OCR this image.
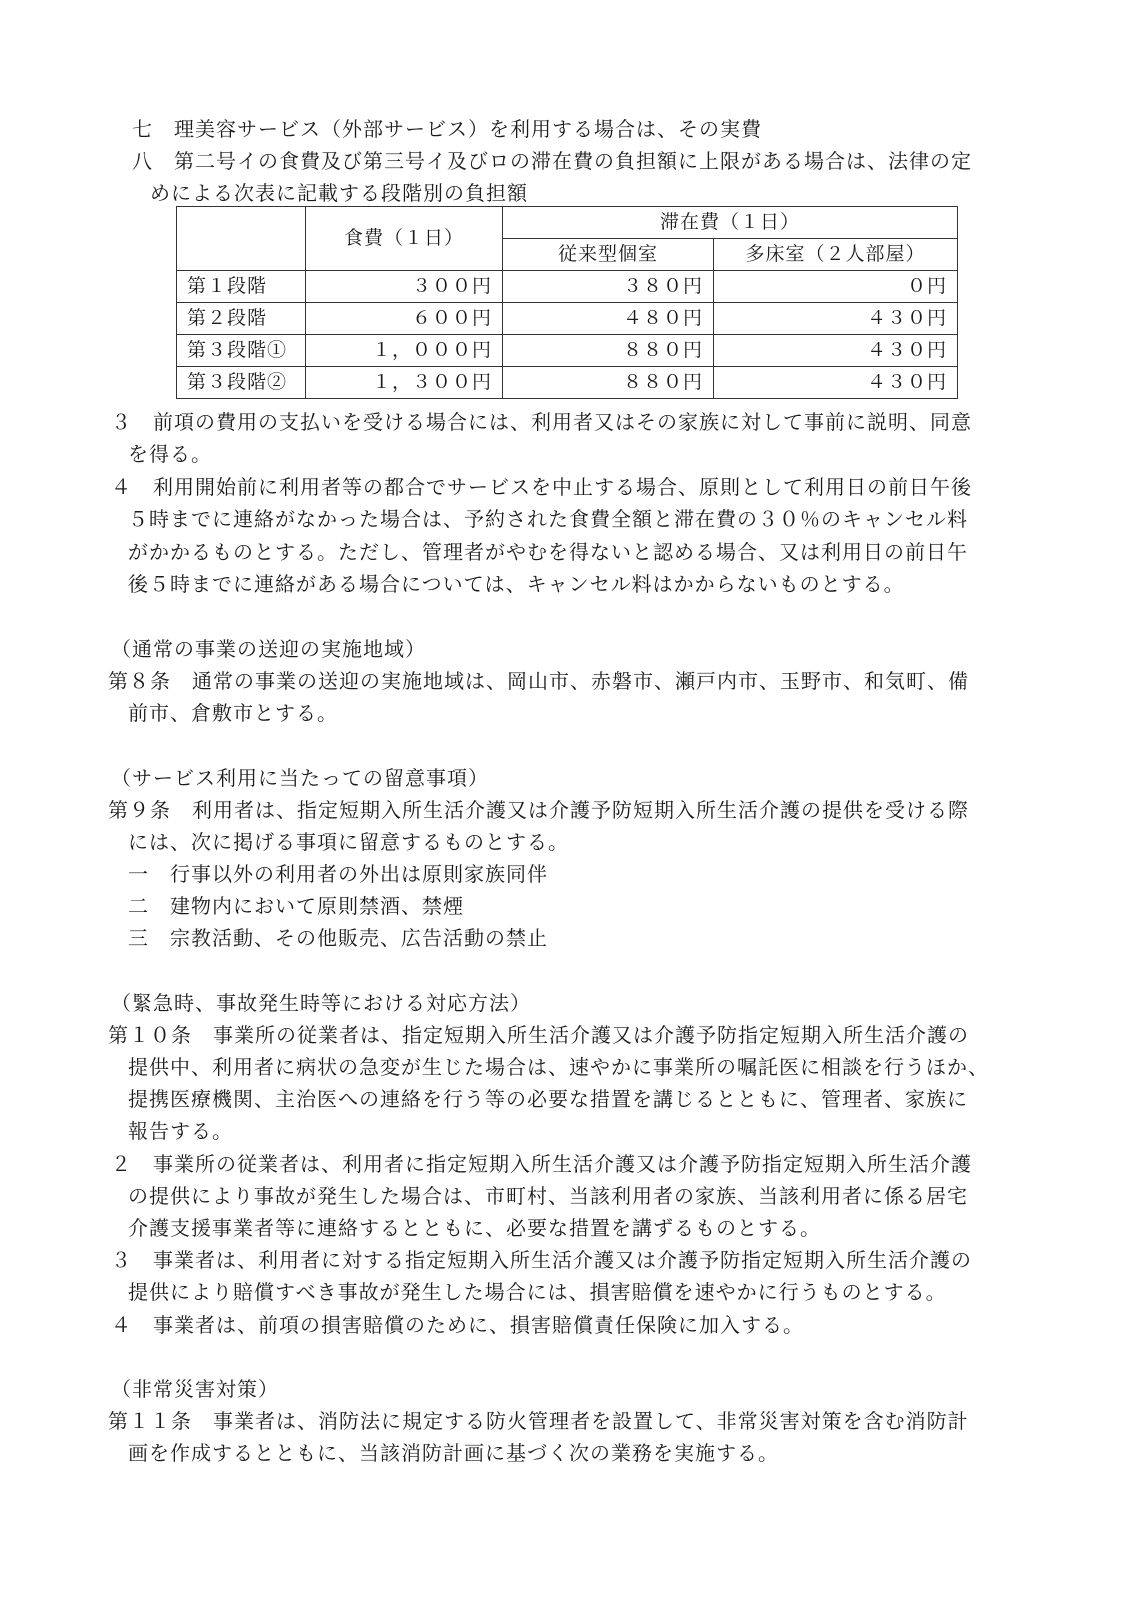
七　理美容サービス（外部サービス）を利用する場合は、その実費
八　第二号イの食費及び第三号イ及びロの滞在費の負担額に上限がある場合は、法律の定
めによる次表に記載する段階別の負担額
	食費（１日）	滞在費（１日）	
		従来型個室	多床室（２人部屋）
第１段階	３００円	３８０円	０円
第２段階	６００円	４８０円	４３０円
第３段階①	１，０００円	８８０円	４３０円
第３段階②	１，３００円	８８０円	４３０円
３　前項の費用の支払いを受ける場合には、利用者又はその家族に対して事前に説明、同意
を得る。
４　利用開始前に利用者等の都合でサービスを中止する場合、原則として利用日の前日午後
５時までに連絡がなかった場合は、予約された食費全額と滞在費の３０％のキャンセル料
がかかるものとする。ただし、管理者がやむを得ないと認める場合、又は利用日の前日午
後５時までに連絡がある場合については、キャンセル料はかからないものとする。
（通常の事業の送迎の実施地域）
第８条　通常の事業の送迎の実施地域は、岡山市、赤磐市、瀬戸内市、玉野市、和気町、備
前市、倉敷市とする。
（サービス利用に当たっての留意事項）
第９条　利用者は、指定短期入所生活介護又は介護予防短期入所生活介護の提供を受ける際
には、次に掲げる事項に留意するものとする。
一　行事以外の利用者の外出は原則家族同伴
二　建物内において原則禁酒、禁煙
三　宗教活動、その他販売、広告活動の禁止
（緊急時、事故発生時等における対応方法）
第１０条　事業所の従業者は、指定短期入所生活介護又は介護予防指定短期入所生活介護の
提供中、利用者に病状の急変が生じた場合は、速やかに事業所の嘱託医に相談を行うほか、
提携医療機関、主治医への連絡を行う等の必要な措置を講じるとともに、管理者、家族に
報告する。
２　事業所の従業者は、利用者に指定短期入所生活介護又は介護予防指定短期入所生活介護
の提供により事故が発生した場合は、市町村、当該利用者の家族、当該利用者に係る居宅
介護支援事業者等に連絡するとともに、必要な措置を講ずるものとする。
３　事業者は、利用者に対する指定短期入所生活介護又は介護予防指定短期入所生活介護の
提供により賠償すべき事故が発生した場合には、損害賠償を速やかに行うものとする。
４　事業者は、前項の損害賠償のために、損害賠償責任保険に加入する。
（非常災害対策）
第１１条　事業者は、消防法に規定する防火管理者を設置して、非常災害対策を含む消防計
画を作成するとともに、当該消防計画に基づく次の業務を実施する。
